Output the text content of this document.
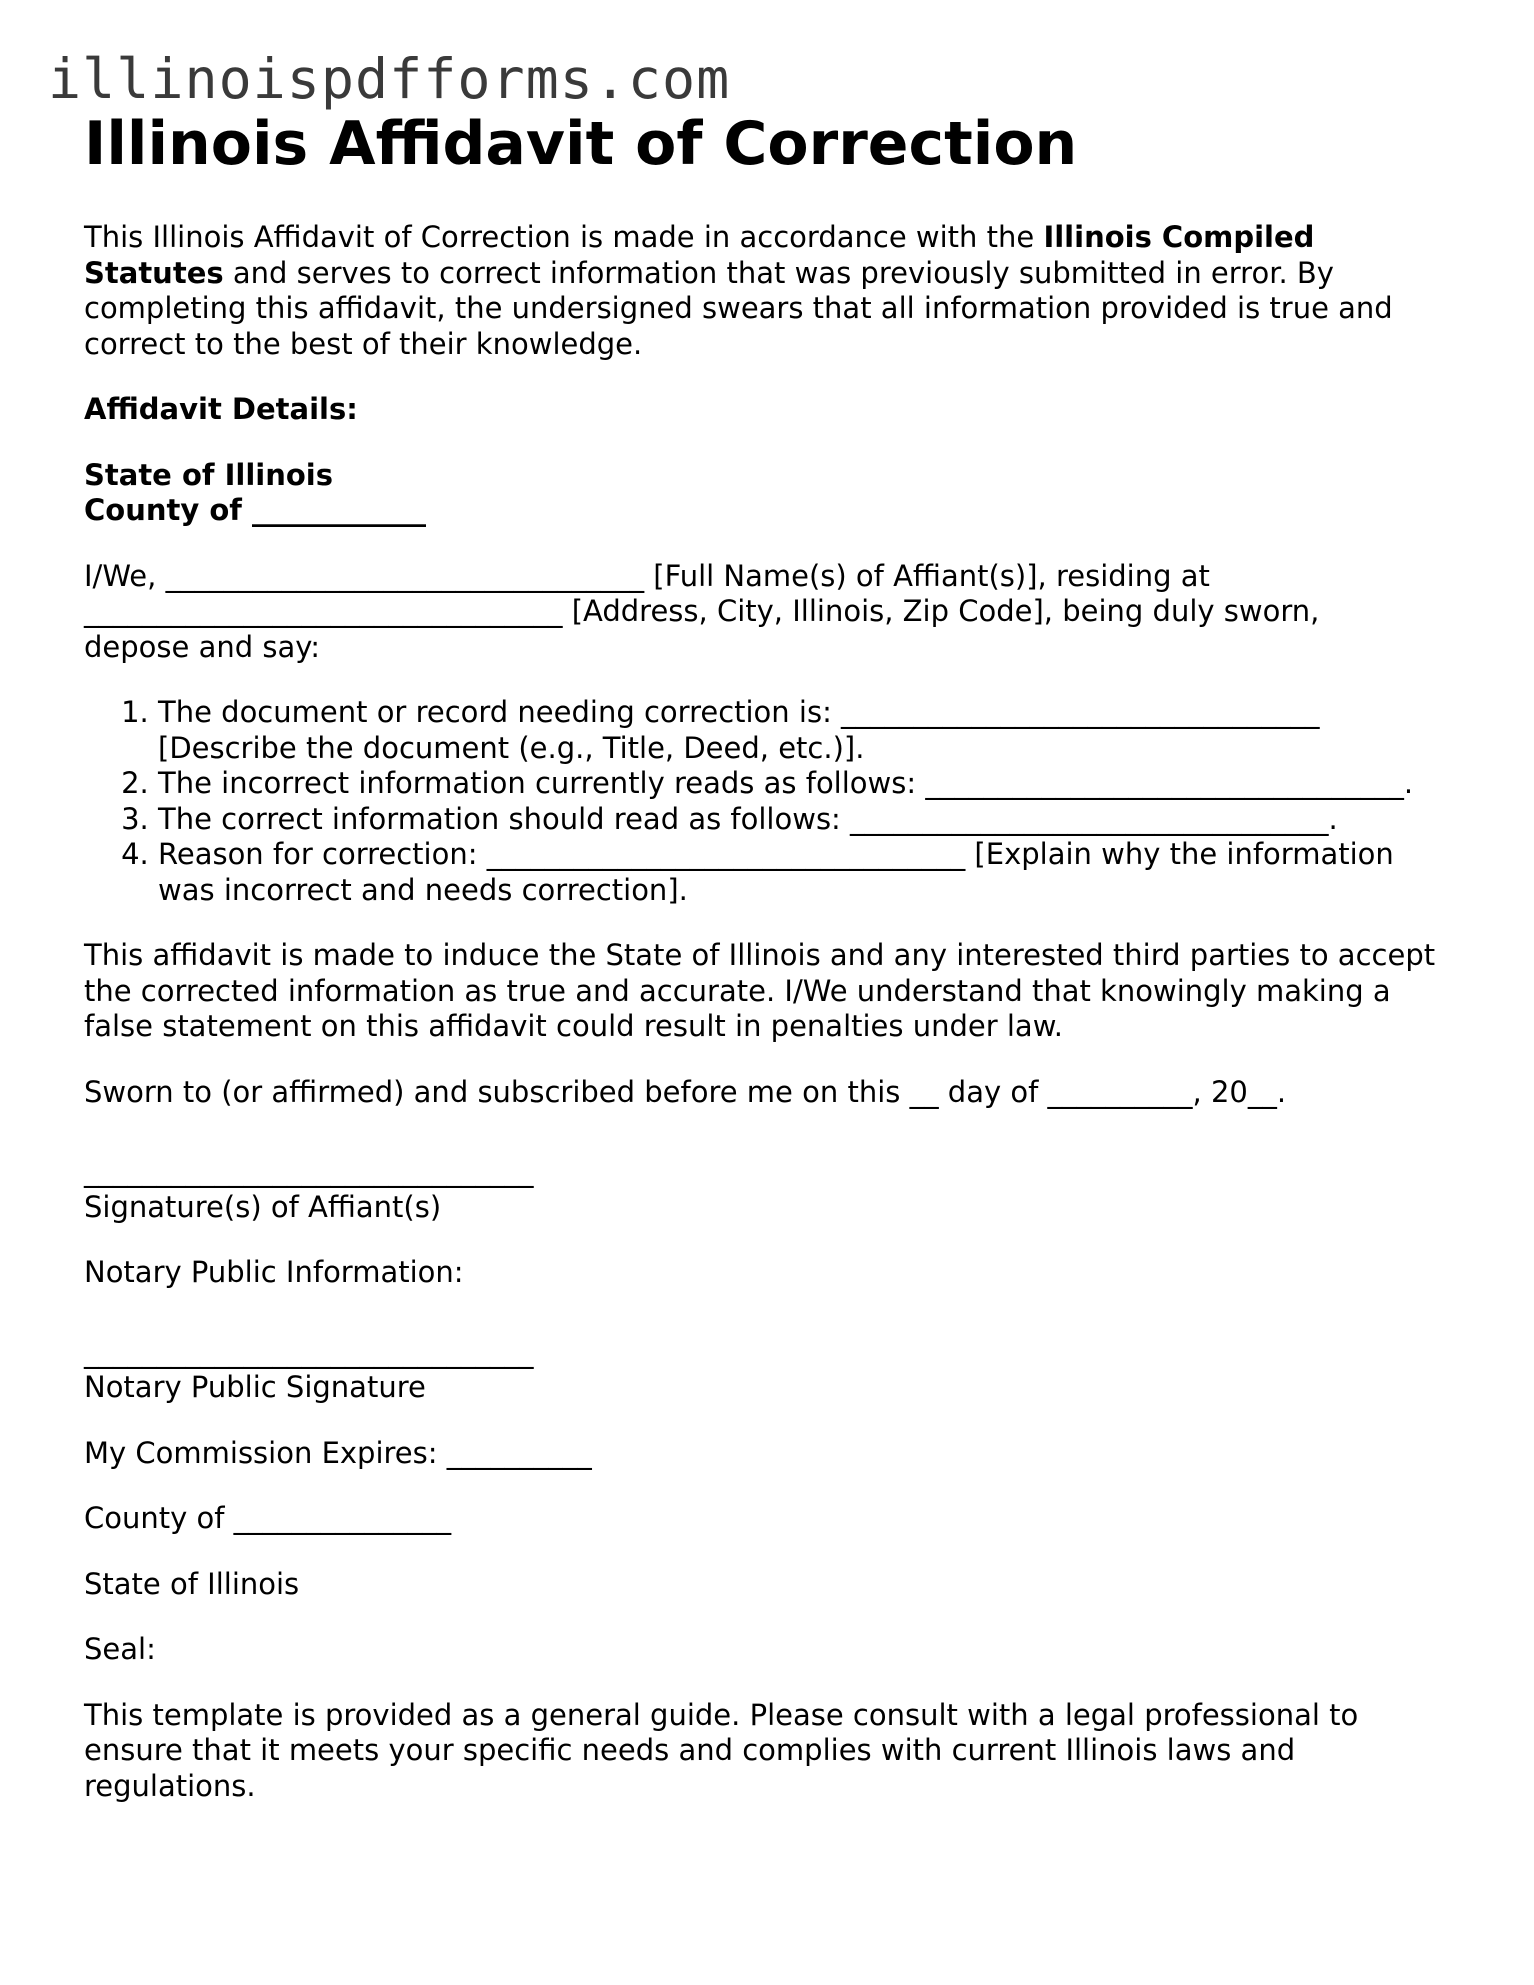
illinoispdfforms.com
Illinois Affidavit of Correction

This Illinois Affidavit of Correction is made in accordance with the Illinois Compiled Statutes and serves to correct information that was previously submitted in error. By completing this affidavit, the undersigned swears that all information provided is true and correct to the best of their knowledge.

Affidavit Details:

State of Illinois
County of ____________

I/We, _________________________________ [Full Name(s) of Affiant(s)], residing at
_________________________________ [Address, City, Illinois, Zip Code], being duly sworn,
depose and say:

1. The document or record needing correction is: _________________________________ [Describe the document (e.g., Title, Deed, etc.)].
2. The incorrect information currently reads as follows: _________________________________.
3. The correct information should read as follows: _________________________________.
4. Reason for correction: _________________________________ [Explain why the information was incorrect and needs correction].

This affidavit is made to induce the State of Illinois and any interested third parties to accept the corrected information as true and accurate. I/We understand that knowingly making a false statement on this affidavit could result in penalties under law.

Sworn to (or affirmed) and subscribed before me on this __ day of __________, 20__.

_______________________________
Signature(s) of Affiant(s)

Notary Public Information:

_______________________________
Notary Public Signature

My Commission Expires: __________

County of _______________

State of Illinois

Seal:

This template is provided as a general guide. Please consult with a legal professional to ensure that it meets your specific needs and complies with current Illinois laws and regulations.
